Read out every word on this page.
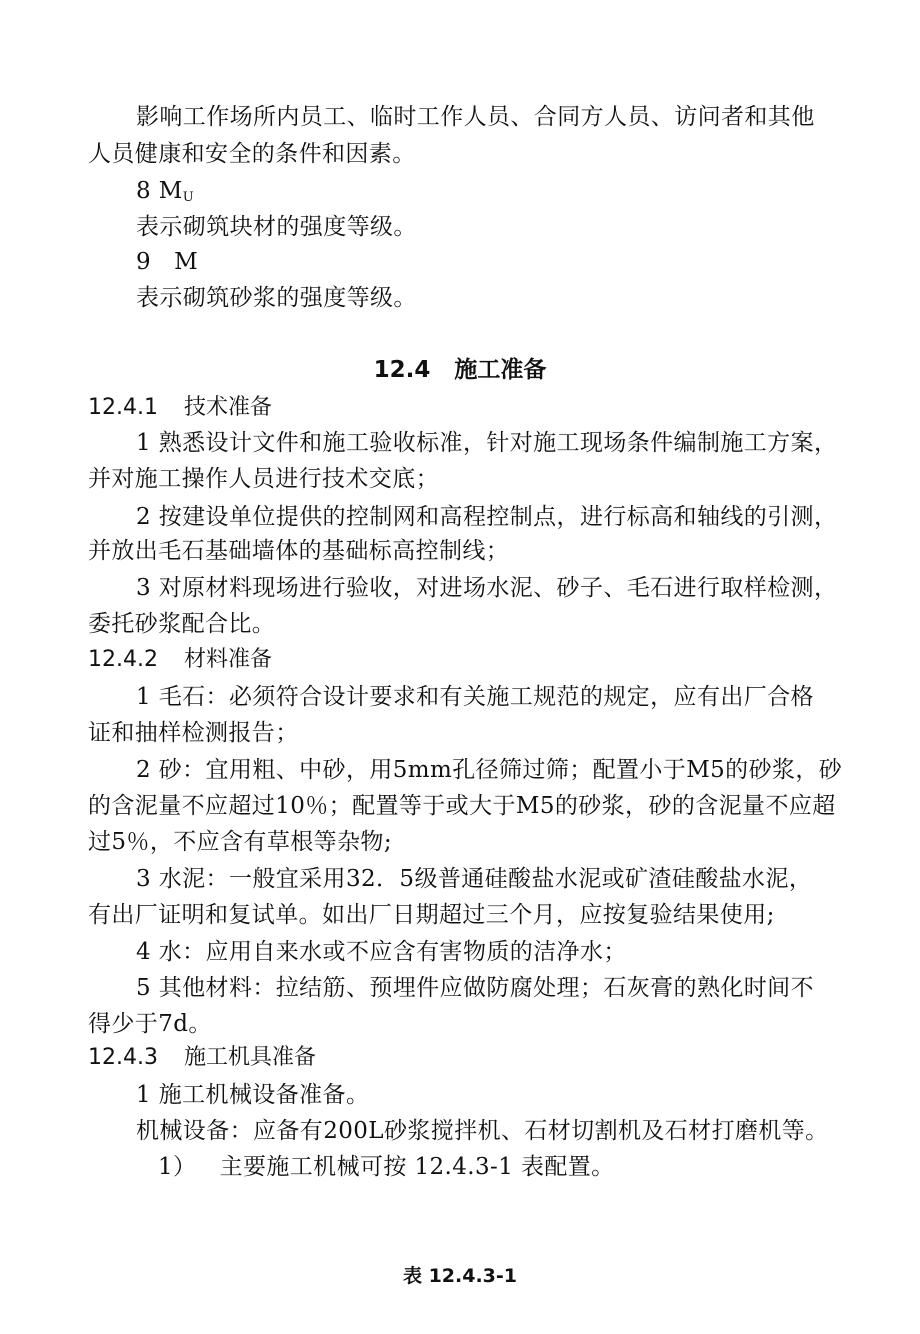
影响工作场所内员工、临时工作人员、合同方人员、访问者和其他

人员健康和安全的条件和因素。

8 $M_U$

表示砌筑块材的强度等级。

9   M

表示砌筑砂浆的强度等级。

12.4   施工准备

12.4.1 技术准备

1 熟悉设计文件和施工验收标准，针对施工现场条件编制施工方案，

并对施工操作人员进行技术交底；

2 按建设单位提供的控制网和高程控制点，进行标高和轴线的引测，

并放出毛石基础墙体的基础标高控制线；

3 对原材料现场进行验收，对进场水泥、砂子、毛石进行取样检测，

委托砂浆配合比。

12.4.2 材料准备

1 毛石：必须符合设计要求和有关施工规范的规定，应有出厂合格

证和抽样检测报告；

2 砂：宜用粗、中砂，用5mm孔径筛过筛；配置小于M5的砂浆，砂

的含泥量不应超过10％；配置等于或大于M5的砂浆，砂的含泥量不应超

过5％，不应含有草根等杂物;

3 水泥：一般宜采用32．5级普通硅酸盐水泥或矿渣硅酸盐水泥，

有出厂证明和复试单。如出厂日期超过三个月，应按复验结果使用;

4 水：应用自来水或不应含有害物质的洁净水；

5 其他材料：拉结筋、预埋件应做防腐处理；石灰膏的熟化时间不

得少于7d。

12.4.3 施工机具准备

1 施工机械设备准备。

机械设备：应备有200L砂浆搅拌机、石材切割机及石材打磨机等。

1）   主要施工机械可按 12.4.3-1 表配置。

表 12.4.3-1
